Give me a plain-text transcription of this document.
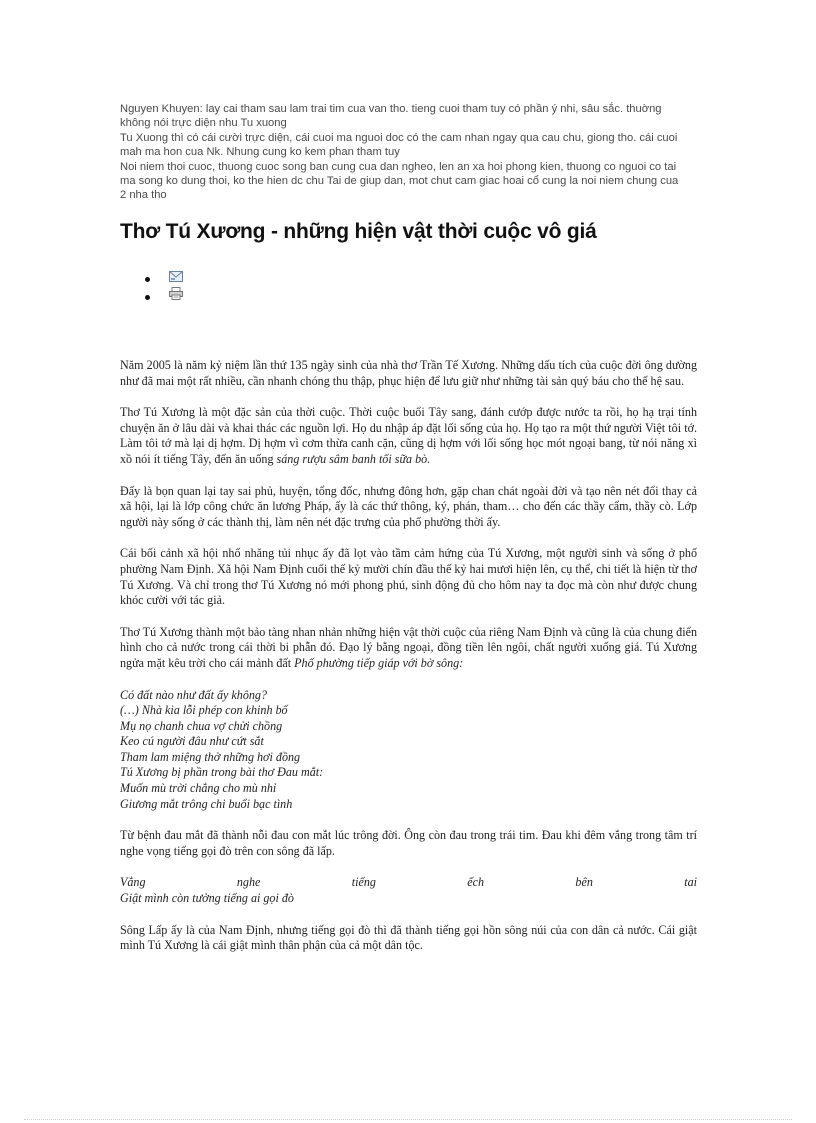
Nguyen Khuyen: lay cai tham sau lam trai tim cua van tho. tieng cuoi tham tuy có phần ý nhi, sâu sắc. thuờng không nói trực diện nhu Tu xuong

Tu Xuong thì có cái cười trực diện, cái cuoi ma nguoi doc có the cam nhan ngay qua cau chu, giong tho. cái cuoi mah ma hon cua Nk. Nhung cung ko kem phan tham tuy

Noi niem thoi cuoc, thuong cuoc song ban cung cua dan ngheo, len an xa hoi phong kien, thuong co nguoi co tai ma song ko dung thoi, ko the hien dc chu Tai de giup dan, mot chut cam giac hoai cổ cung la noi niem chung cua 2 nha tho

Thơ Tú Xương - những hiện vật thời cuộc vô giá

Năm 2005 là năm kỷ niệm lần thứ 135 ngày sinh của nhà thơ Trần Tế Xương. Những dấu tích của cuộc đời ông dường như đã mai một rất nhiều, cần nhanh chóng thu thập, phục hiện để lưu giữ như những tài sản quý báu cho thế hệ sau.

Thơ Tú Xương là một đặc sản của thời cuộc. Thời cuộc buổi Tây sang, đánh cướp được nước ta rồi, họ hạ trại tính chuyện ăn ở lâu dài và khai thác các nguồn lợi. Họ du nhập áp đặt lối sống của họ. Họ tạo ra một thứ người Việt tôi tớ. Làm tôi tớ mà lại dị hợm. Dị hợm vì cơm thừa canh cặn, cũng dị hợm với lối sống học mót ngoại bang, từ nói năng xì xồ nói ít tiếng Tây, đến ăn uống sáng rượu sâm banh tối sữa bò.

Đấy là bọn quan lại tay sai phủ, huyện, tổng đốc, nhưng đông hơn, gặp chan chát ngoài đời và tạo nên nét đổi thay cả xã hội, lại là lớp công chức ăn lương Pháp, ấy là các thứ thông, ký, phán, tham… cho đến các thầy cẩm, thầy cò. Lớp người này sống ở các thành thị, làm nên nét đặc trưng của phố phường thời ấy.

Cái bối cảnh xã hội nhố nhăng tủi nhục ấy đã lọt vào tầm cảm hứng của Tú Xương, một người sinh và sống ở phố phường Nam Định. Xã hội Nam Định cuối thế kỷ mười chín đầu thế kỷ hai mươi hiện lên, cụ thể, chi tiết là hiện từ thơ Tú Xương. Và chỉ trong thơ Tú Xương nó mới phong phú, sinh động đủ cho hôm nay ta đọc mà còn như được chung khóc cười với tác giả.

Thơ Tú Xương thành một bảo tàng nhan nhản những hiện vật thời cuộc của riêng Nam Định và cũng là của chung điển hình cho cả nước trong cái thời bi phẫn đó. Đạo lý bằng ngoại, đồng tiền lên ngôi, chất người xuống giá. Tú Xương ngửa mặt kêu trời cho cái mảnh đất Phố phường tiếp giáp với bờ sông:

Có đất nào như đất ấy không?
(…) Nhà kia lỗi phép con khinh bố
Mụ nọ chanh chua vợ chửi chồng
Keo cú người đâu như cứt sắt
Tham lam miệng thở những hơi đồng
Tú Xương bị phần trong bài thơ Đau mắt:
Muốn mù trời chẳng cho mù nhỉ
Giương mắt trông chi buổi bạc tình

Từ bệnh đau mắt đã thành nỗi đau con mắt lúc trông đời. Ông còn đau trong trái tim. Đau khi đêm vắng trong tâm trí nghe vọng tiếng gọi đò trên con sông đã lấp.

Vẳng	nghe	tiếng	ếch	bên	tai
Giật mình còn tưởng tiếng ai gọi đò

Sông Lấp ấy là của Nam Định, nhưng tiếng gọi đò thì đã thành tiếng gọi hồn sông núi của con dân cả nước. Cái giật mình Tú Xương là cái giật mình thân phận của cả một dân tộc.
